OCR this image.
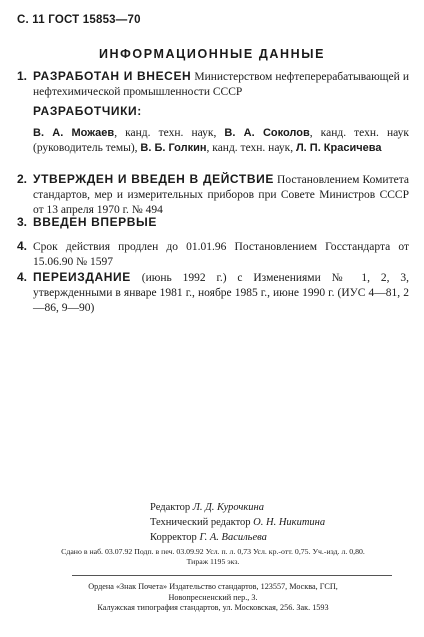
С. 11 ГОСТ 15853—70
ИНФОРМАЦИОННЫЕ ДАННЫЕ
1. РАЗРАБОТАН И ВНЕСЕН Министерством нефтеперерабатывающей и нефтехимической промышленности СССР
РАЗРАБОТЧИКИ:
В. А. Можаев, канд. техн. наук, В. А. Соколов, канд. техн. наук (руководитель темы), В. Б. Голкин, канд. техн. наук, Л. П. Красичева
2. УТВЕРЖДЕН И ВВЕДЕН В ДЕЙСТВИЕ Постановлением Комитета стандартов, мер и измерительных приборов при Совете Министров СССР от 13 апреля 1970 г. № 494
3. ВВЕДЕН ВПЕРВЫЕ
4. Срок действия продлен до 01.01.96 Постановлением Госстандарта от 15.06.90 № 1597
4. ПЕРЕИЗДАНИЕ (июнь 1992 г.) с Изменениями № 1, 2, 3, утвержденными в январе 1981 г., ноябре 1985 г., июне 1990 г. (ИУС 4—81, 2—86, 9—90)
Редактор
Л. Д. Курочкина
Технический редактор
О. Н. Никитина
Корректор
Г. А. Васильева
Сдано в наб. 03.07.92 Подп. в печ. 03.09.92 Усл. п. л. 0,73 Усл. кр.-отт. 0,75. Уч.-изд. л. 0,80.
Тираж 1195 экз.
Ордена «Знак Почета» Издательство стандартов, 123557, Москва, ГСП,
Новопресненский пер., 3.
Калужская типография стандартов, ул. Московская, 256. Зак. 1593
